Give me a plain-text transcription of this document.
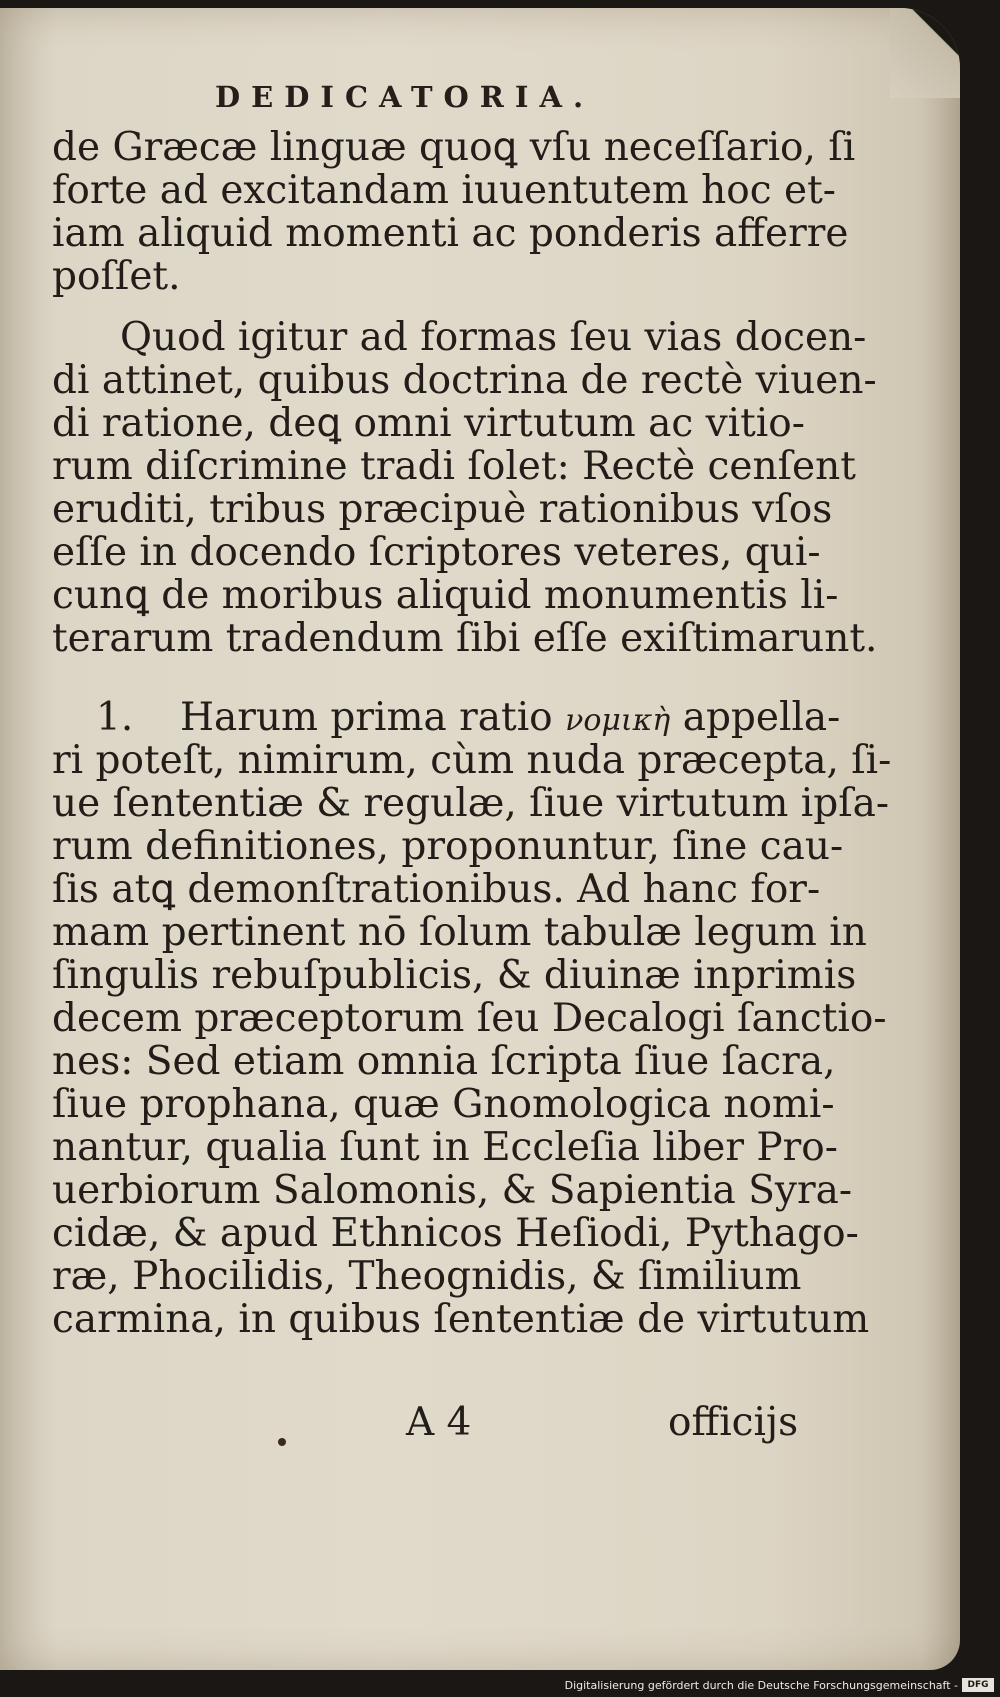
DEDICATORIA.
de Græcæ linguæ quoꝗ vſu neceſſario, ſi
forte ad excitandam iuuentutem hoc et-
iam aliquid momenti ac ponderis afferre
poſſet.
Quod igitur ad formas ſeu vias docen-
di attinet, quibus doctrina de rectè viuen-
di ratione, deꝗ omni virtutum ac vitio-
rum diſcrimine tradi ſolet: Rectè cenſent
eruditi, tribus præcipuè rationibus vſos
eſſe in docendo ſcriptores veteres, qui-
cunꝗ de moribus aliquid monumentis li-
terarum tradendum ſibi eſſe exiſtimarunt.
1. Harum prima ratio νομικὴ appella-
ri poteſt, nimirum, cùm nuda præcepta, ſi-
ue ſententiæ & regulæ, ſiue virtutum ipſa-
rum definitiones, proponuntur, ſine cau-
ſis atꝗ demonſtrationibus. Ad hanc for-
mam pertinent nō ſolum tabulæ legum in
ſingulis rebuſpublicis, & diuinæ inprimis
decem præceptorum ſeu Decalogi ſanctio-
nes: Sed etiam omnia ſcripta ſiue ſacra,
ſiue prophana, quæ Gnomologica nomi-
nantur, qualia ſunt in Eccleſia liber Pro-
uerbiorum Salomonis, & Sapientia Syra-
cidæ, & apud Ethnicos Heſiodi, Pythago-
ræ, Phocilidis, Theognidis, & ſimilium
carmina, in quibus ſententiæ de virtutum
A 4	officijs
Digitalisierung gefördert durch die Deutsche Forschungsgemeinschaft -	DFG
